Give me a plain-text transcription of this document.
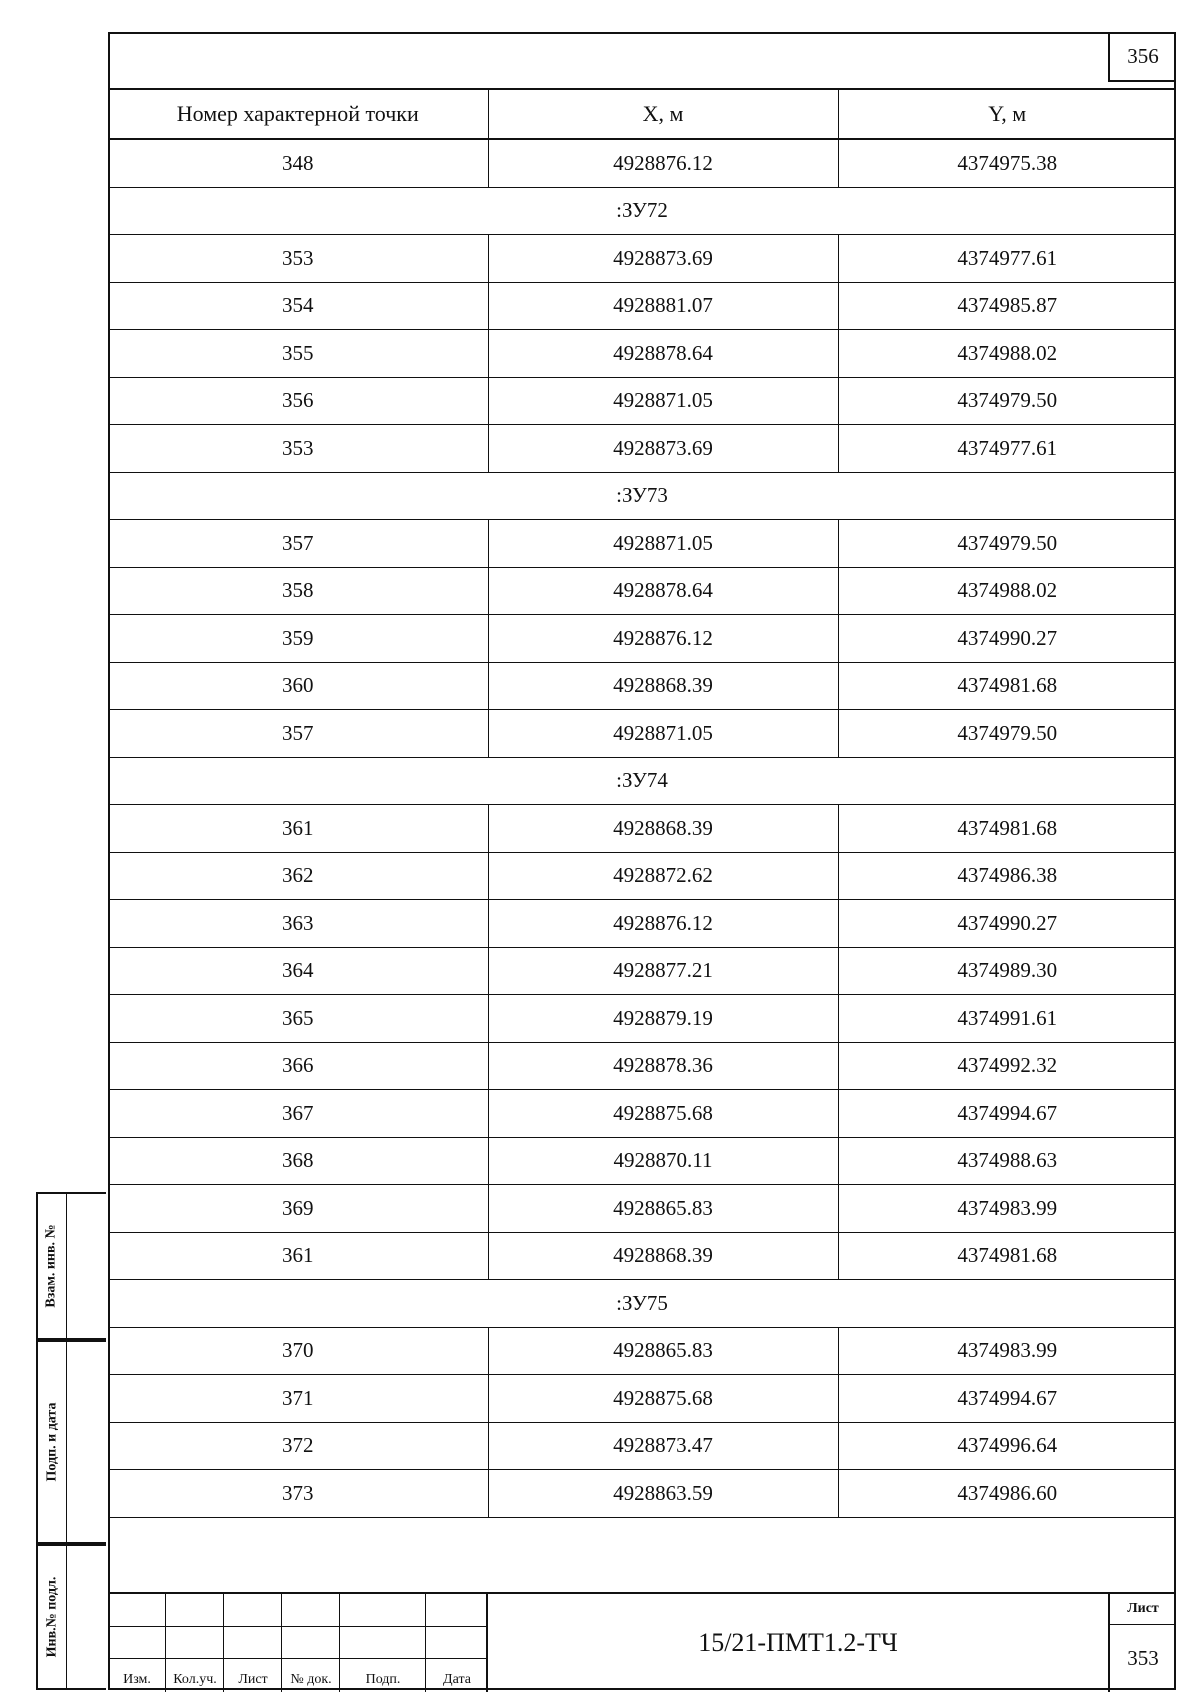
356
Номер характерной точки	X, м	Y, м
348	4928876.12	4374975.38
:ЗУ72		
353	4928873.69	4374977.61
354	4928881.07	4374985.87
355	4928878.64	4374988.02
356	4928871.05	4374979.50
353	4928873.69	4374977.61
:ЗУ73		
357	4928871.05	4374979.50
358	4928878.64	4374988.02
359	4928876.12	4374990.27
360	4928868.39	4374981.68
357	4928871.05	4374979.50
:ЗУ74		
361	4928868.39	4374981.68
362	4928872.62	4374986.38
363	4928876.12	4374990.27
364	4928877.21	4374989.30
365	4928879.19	4374991.61
366	4928878.36	4374992.32
367	4928875.68	4374994.67
368	4928870.11	4374988.63
369	4928865.83	4374983.99
361	4928868.39	4374981.68
:ЗУ75		
370	4928865.83	4374983.99
371	4928875.68	4374994.67
372	4928873.47	4374996.64
373	4928863.59	4374986.60
Взам. инв. №
Подп. и дата
Инв.№ подл.
Изм.	Кол.уч.	Лист	№ док.	Подп.	Дата
15/21-ПМТ1.2-ТЧ
Лист
353
